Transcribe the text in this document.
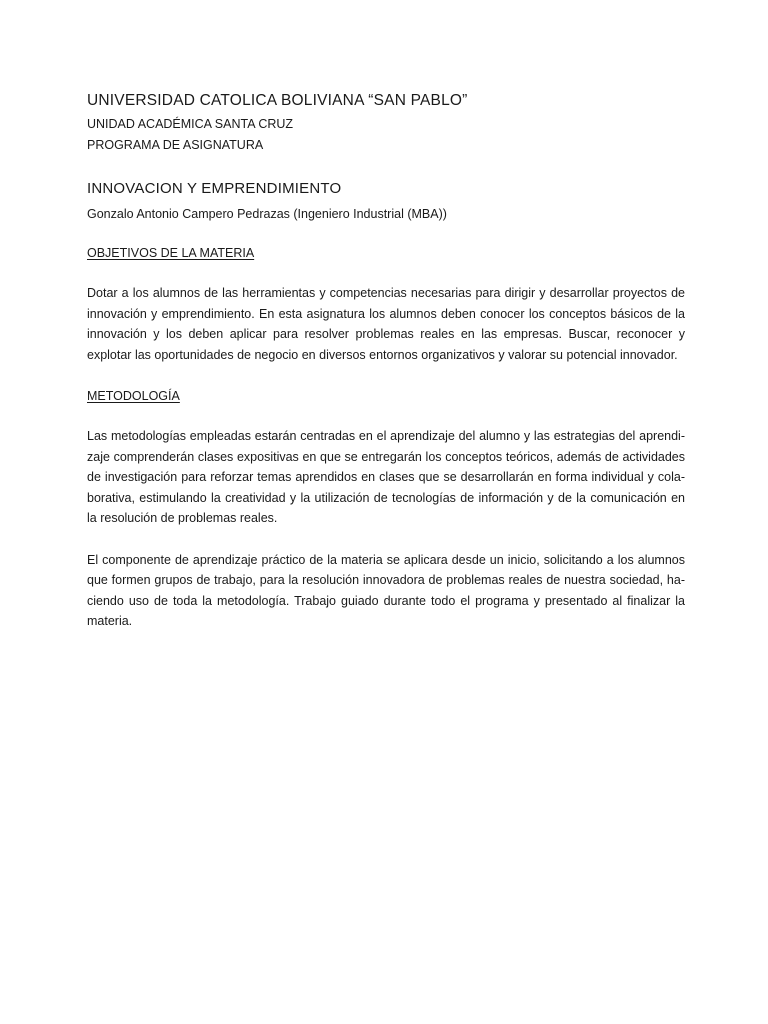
UNIVERSIDAD CATOLICA BOLIVIANA “SAN PABLO”

UNIDAD ACADÉMICA SANTA CRUZ

PROGRAMA DE ASIGNATURA

INNOVACION Y EMPRENDIMIENTO

Gonzalo Antonio Campero Pedrazas (Ingeniero Industrial (MBA))

OBJETIVOS DE LA MATERIA

Dotar a los alumnos de las herramientas y competencias necesarias para dirigir y desarrollar proyectos de innovación y emprendimiento. En esta asignatura los alumnos deben conocer los conceptos básicos de la innovación y los deben aplicar para resolver problemas reales en las empresas. Buscar, reconocer y explotar las oportunidades de negocio en diversos entornos organizativos y valorar su potencial innovador.

METODOLOGÍA

Las metodologías empleadas estarán centradas en el aprendizaje del alumno y las estrategias del aprendizaje comprenderán clases expositivas en que se entregarán los conceptos teóricos, además de actividades de investigación para reforzar temas aprendidos en clases que se desarrollarán en forma individual y colaborativa, estimulando la creatividad y la utilización de tecnologías de información y de la comunicación en la resolución de problemas reales.

El componente de aprendizaje práctico de la materia se aplicara desde un inicio, solicitando a los alumnos que formen grupos de trabajo, para la resolución innovadora de problemas reales de nuestra sociedad, haciendo uso de toda la metodología. Trabajo guiado durante todo el programa y presentado al finalizar la materia.
